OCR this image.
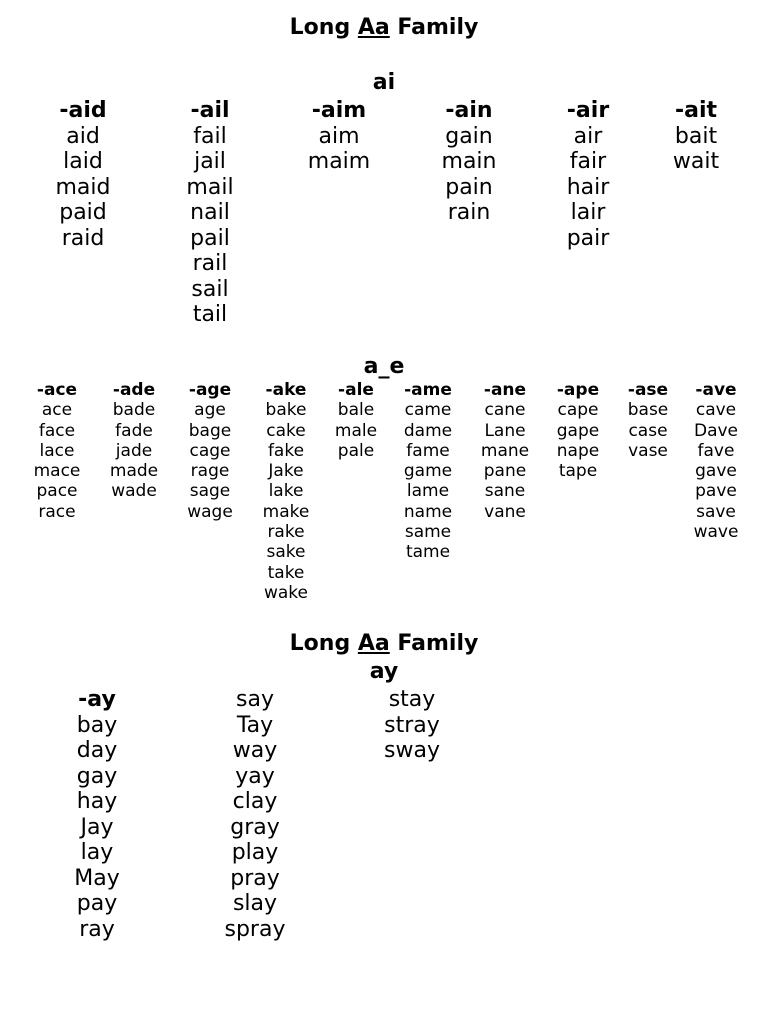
Long Aa Family
ai
-aid
aid
laid
maid
paid
raid
-ail
fail
jail
mail
nail
pail
rail
sail
tail
-aim
aim
maim
-ain
gain
main
pain
rain
-air
air
fair
hair
lair
pair
-ait
bait
wait
a_e
-ace
ace
face
lace
mace
pace
race
-ade
bade
fade
jade
made
wade
-age
age
bage
cage
rage
sage
wage
-ake
bake
cake
fake
Jake
lake
make
rake
sake
take
wake
-ale
bale
male
pale
-ame
came
dame
fame
game
lame
name
same
tame
-ane
cane
Lane
mane
pane
sane
vane
-ape
cape
gape
nape
tape
-ase
base
case
vase
-ave
cave
Dave
fave
gave
pave
save
wave
Long Aa Family
ay
-ay
bay
day
gay
hay
Jay
lay
May
pay
ray
say
Tay
way
yay
clay
gray
play
pray
slay
spray
stay
stray
sway
